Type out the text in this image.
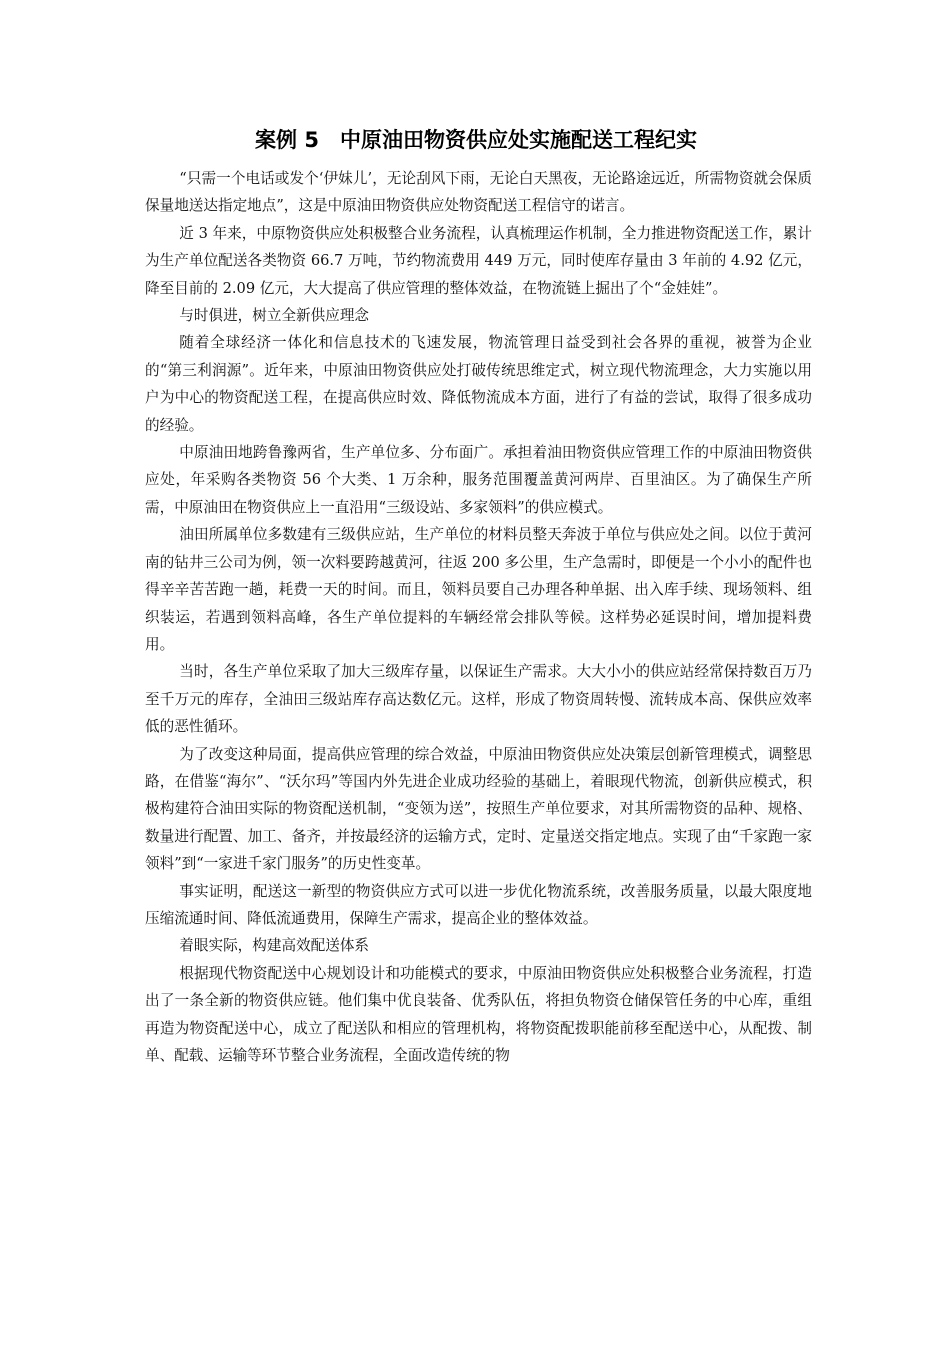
案例 5　中原油田物资供应处实施配送工程纪实

“只需一个电话或发个‘伊妹儿’，无论刮风下雨，无论白天黑夜，无论路途远近，所需物资就会保质保量地送达指定地点”，这是中原油田物资供应处物资配送工程信守的诺言。

近 3 年来，中原物资供应处积极整合业务流程，认真梳理运作机制，全力推进物资配送工作，累计为生产单位配送各类物资 66.7 万吨，节约物流费用 449 万元，同时使库存量由 3 年前的 4.92 亿元，降至目前的 2.09 亿元，大大提高了供应管理的整体效益，在物流链上掘出了个“金娃娃”。

与时俱进，树立全新供应理念

随着全球经济一体化和信息技术的飞速发展，物流管理日益受到社会各界的重视，被誉为企业的“第三利润源”。近年来，中原油田物资供应处打破传统思维定式，树立现代物流理念，大力实施以用户为中心的物资配送工程，在提高供应时效、降低物流成本方面，进行了有益的尝试，取得了很多成功的经验。

中原油田地跨鲁豫两省，生产单位多、分布面广。承担着油田物资供应管理工作的中原油田物资供应处，年采购各类物资 56 个大类、1 万余种，服务范围覆盖黄河两岸、百里油区。为了确保生产所需，中原油田在物资供应上一直沿用“三级设站、多家领料”的供应模式。

油田所属单位多数建有三级供应站，生产单位的材料员整天奔波于单位与供应处之间。以位于黄河南的钻井三公司为例，领一次料要跨越黄河，往返 200 多公里，生产急需时，即便是一个小小的配件也得辛辛苦苦跑一趟，耗费一天的时间。而且，领料员要自己办理各种单据、出入库手续、现场领料、组织装运，若遇到领料高峰，各生产单位提料的车辆经常会排队等候。这样势必延误时间，增加提料费用。

当时，各生产单位采取了加大三级库存量，以保证生产需求。大大小小的供应站经常保持数百万乃至千万元的库存，全油田三级站库存高达数亿元。这样，形成了物资周转慢、流转成本高、保供应效率低的恶性循环。

为了改变这种局面，提高供应管理的综合效益，中原油田物资供应处决策层创新管理模式，调整思路，在借鉴“海尔”、“沃尔玛”等国内外先进企业成功经验的基础上，着眼现代物流，创新供应模式，积极构建符合油田实际的物资配送机制，“变领为送”，按照生产单位要求，对其所需物资的品种、规格、数量进行配置、加工、备齐，并按最经济的运输方式，定时、定量送交指定地点。实现了由“千家跑一家领料”到“一家进千家门服务”的历史性变革。

事实证明，配送这一新型的物资供应方式可以进一步优化物流系统，改善服务质量，以最大限度地压缩流通时间、降低流通费用，保障生产需求，提高企业的整体效益。

着眼实际，构建高效配送体系

根据现代物资配送中心规划设计和功能模式的要求，中原油田物资供应处积极整合业务流程，打造出了一条全新的物资供应链。他们集中优良装备、优秀队伍，将担负物资仓储保管任务的中心库，重组再造为物资配送中心，成立了配送队和相应的管理机构，将物资配拨职能前移至配送中心，从配拨、制单、配载、运输等环节整合业务流程，全面改造传统的物
